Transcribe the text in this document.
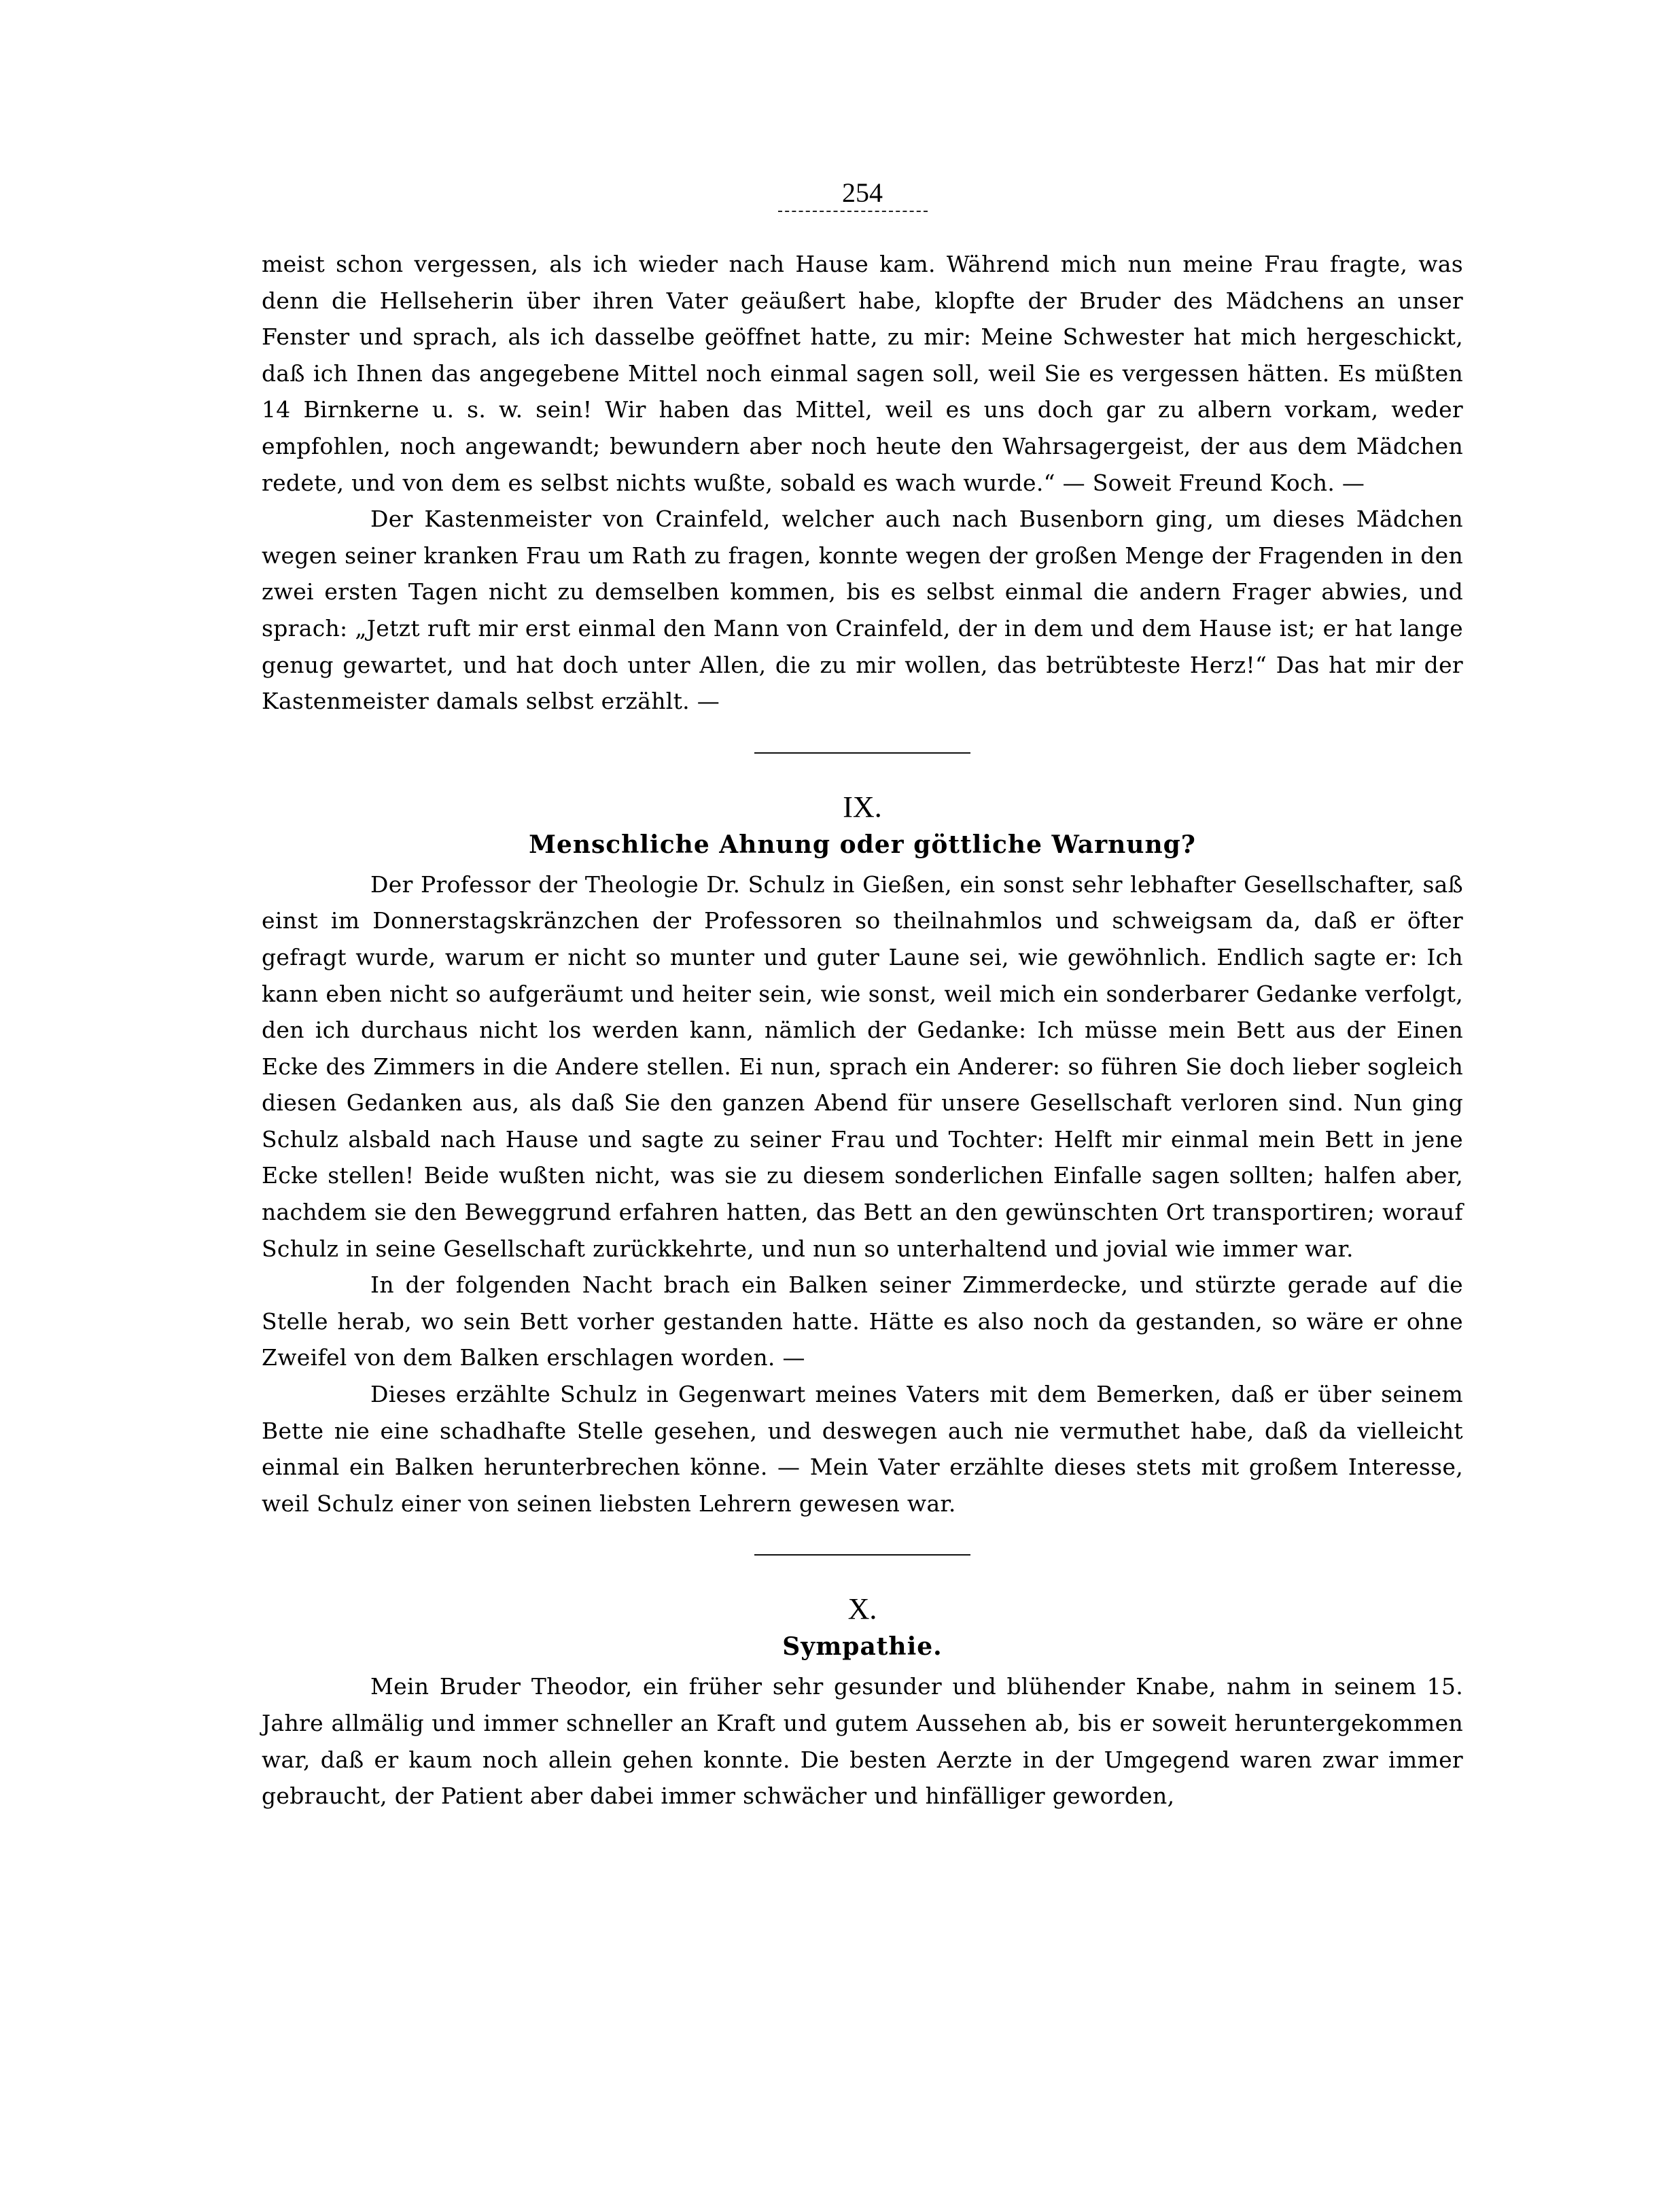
254

meist schon vergessen, als ich wieder nach Hause kam. Während mich nun meine Frau fragte, was denn die Hellseherin über ihren Vater geäußert habe, klopfte der Bruder des Mädchens an unser Fenster und sprach, als ich dasselbe geöffnet hatte, zu mir: Meine Schwester hat mich hergeschickt, daß ich Ihnen das angegebene Mittel noch einmal sagen soll, weil Sie es vergessen hätten. Es müßten 14 Birnkerne u. s. w. sein! Wir haben das Mittel, weil es uns doch gar zu albern vorkam, weder empfohlen, noch angewandt; bewundern aber noch heute den Wahrsagergeist, der aus dem Mädchen redete, und von dem es selbst nichts wußte, sobald es wach wurde.“ — Soweit Freund Koch. —

Der Kastenmeister von Crainfeld, welcher auch nach Busenborn ging, um dieses Mädchen wegen seiner kranken Frau um Rath zu fragen, konnte wegen der großen Menge der Fragenden in den zwei ersten Tagen nicht zu demselben kommen, bis es selbst einmal die andern Frager abwies, und sprach: „Jetzt ruft mir erst einmal den Mann von Crainfeld, der in dem und dem Hause ist; er hat lange genug gewartet, und hat doch unter Allen, die zu mir wollen, das betrübteste Herz!“ Das hat mir der Kastenmeister damals selbst erzählt. —

IX.
Menschliche Ahnung oder göttliche Warnung?

Der Professor der Theologie Dr. Schulz in Gießen, ein sonst sehr lebhafter Gesellschafter, saß einst im Donnerstagskränzchen der Professoren so theilnahmlos und schweigsam da, daß er öfter gefragt wurde, warum er nicht so munter und guter Laune sei, wie gewöhnlich. Endlich sagte er: Ich kann eben nicht so aufgeräumt und heiter sein, wie sonst, weil mich ein sonderbarer Gedanke verfolgt, den ich durchaus nicht los werden kann, nämlich der Gedanke: Ich müsse mein Bett aus der Einen Ecke des Zimmers in die Andere stellen. Ei nun, sprach ein Anderer: so führen Sie doch lieber sogleich diesen Gedanken aus, als daß Sie den ganzen Abend für unsere Gesellschaft verloren sind. Nun ging Schulz alsbald nach Hause und sagte zu seiner Frau und Tochter: Helft mir einmal mein Bett in jene Ecke stellen! Beide wußten nicht, was sie zu diesem sonderlichen Einfalle sagen sollten; halfen aber, nachdem sie den Beweggrund erfahren hatten, das Bett an den gewünschten Ort transportiren; worauf Schulz in seine Gesellschaft zurückkehrte, und nun so unterhaltend und jovial wie immer war.

In der folgenden Nacht brach ein Balken seiner Zimmerdecke, und stürzte gerade auf die Stelle herab, wo sein Bett vorher gestanden hatte. Hätte es also noch da gestanden, so wäre er ohne Zweifel von dem Balken erschlagen worden. —

Dieses erzählte Schulz in Gegenwart meines Vaters mit dem Bemerken, daß er über seinem Bette nie eine schadhafte Stelle gesehen, und deswegen auch nie vermuthet habe, daß da vielleicht einmal ein Balken herunterbrechen könne. — Mein Vater erzählte dieses stets mit großem Interesse, weil Schulz einer von seinen liebsten Lehrern gewesen war.

X.
Sympathie.

Mein Bruder Theodor, ein früher sehr gesunder und blühender Knabe, nahm in seinem 15. Jahre allmälig und immer schneller an Kraft und gutem Aussehen ab, bis er soweit heruntergekommen war, daß er kaum noch allein gehen konnte. Die besten Aerzte in der Umgegend waren zwar immer gebraucht, der Patient aber dabei immer schwächer und hinfälliger geworden,
